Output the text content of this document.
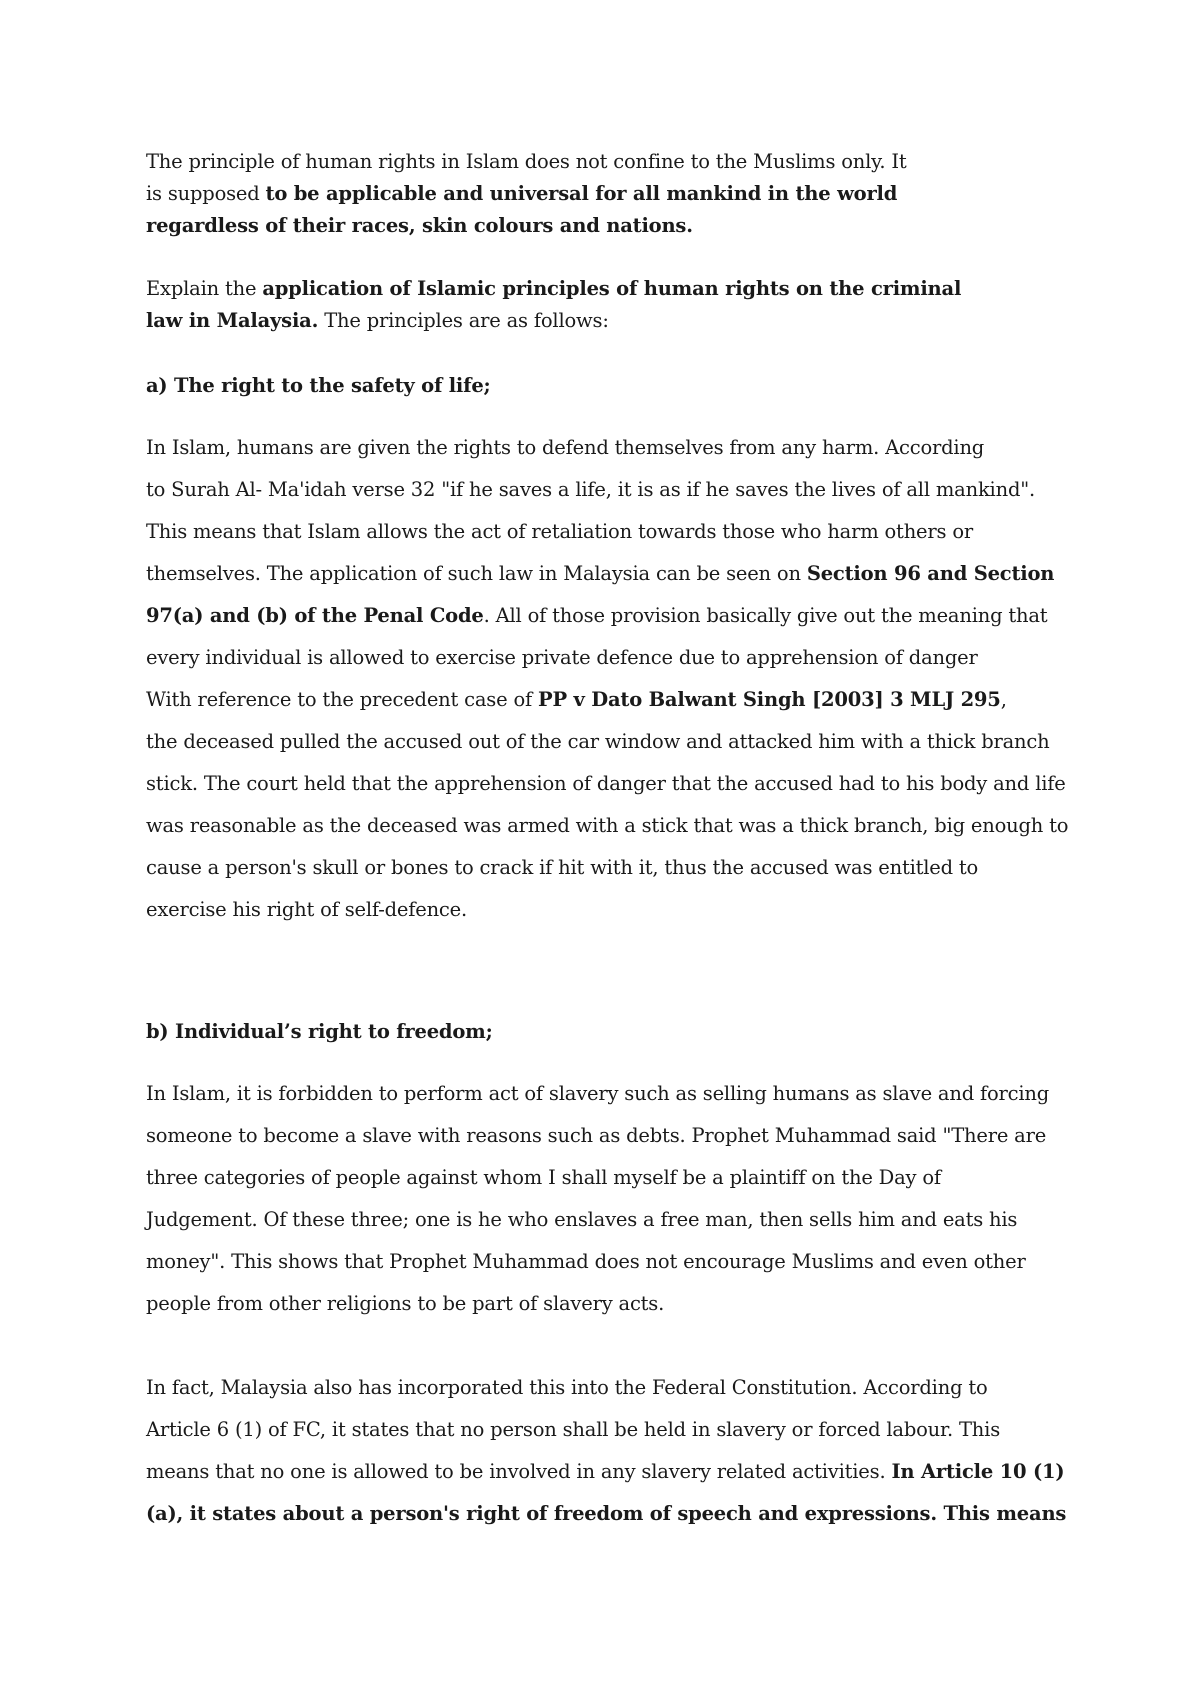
The principle of human rights in Islam does not confine to the Muslims only. It
is supposed to be applicable and universal for all mankind in the world
regardless of their races, skin colours and nations.
Explain the application of Islamic principles of human rights on the criminal
law in Malaysia. The principles are as follows:
a) The right to the safety of life;
In Islam, humans are given the rights to defend themselves from any harm. According
to Surah Al- Ma'idah verse 32 "if he saves a life, it is as if he saves the lives of all mankind".
This means that Islam allows the act of retaliation towards those who harm others or
themselves. The application of such law in Malaysia can be seen on Section 96 and Section
97(a) and (b) of the Penal Code. All of those provision basically give out the meaning that
every individual is allowed to exercise private defence due to apprehension of danger
With reference to the precedent case of PP v Dato Balwant Singh [2003] 3 MLJ 295,
the deceased pulled the accused out of the car window and attacked him with a thick branch
stick. The court held that the apprehension of danger that the accused had to his body and life
was reasonable as the deceased was armed with a stick that was a thick branch, big enough to
cause a person's skull or bones to crack if hit with it, thus the accused was entitled to
exercise his right of self-defence.
b) Individual’s right to freedom;
In Islam, it is forbidden to perform act of slavery such as selling humans as slave and forcing
someone to become a slave with reasons such as debts. Prophet Muhammad said "There are
three categories of people against whom I shall myself be a plaintiff on the Day of
Judgement. Of these three; one is he who enslaves a free man, then sells him and eats his
money". This shows that Prophet Muhammad does not encourage Muslims and even other
people from other religions to be part of slavery acts.
In fact, Malaysia also has incorporated this into the Federal Constitution. According to
Article 6 (1) of FC, it states that no person shall be held in slavery or forced labour. This
means that no one is allowed to be involved in any slavery related activities. In Article 10 (1)
(a), it states about a person's right of freedom of speech and expressions. This means
